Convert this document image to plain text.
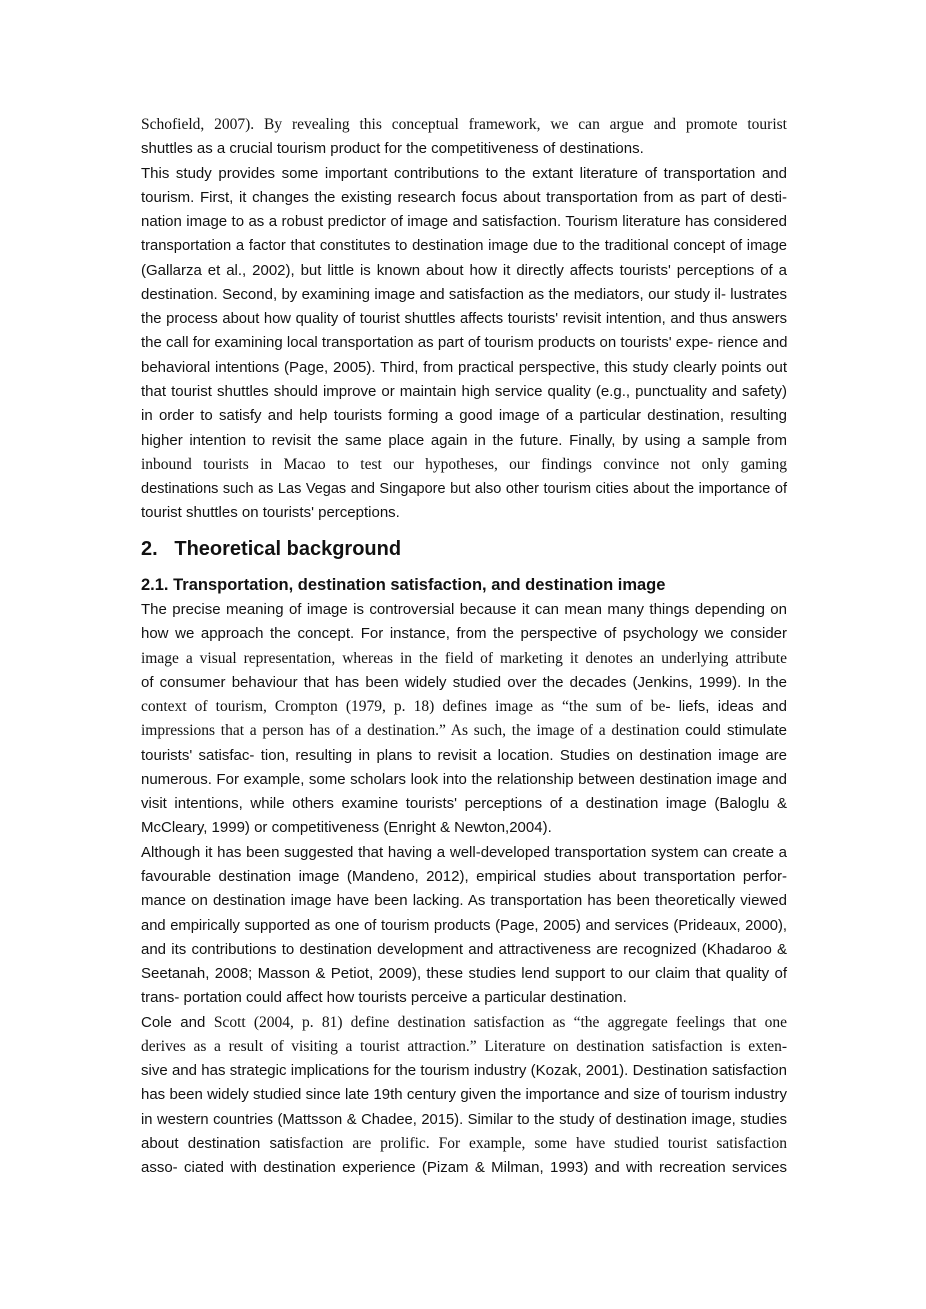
Schofield, 2007). By revealing this conceptual framework, we can argue and promote tourist
shuttles as a crucial tourism product for the competitiveness of destinations.
This study provides some important contributions to the extant literature of transportation and
tourism. First, it changes the existing research focus about transportation from as part of desti-
nation image to as a robust predictor of image and satisfaction. Tourism literature has considered
transportation a factor that constitutes to destination image due to the traditional concept of image
(Gallarza et al., 2002), but little is known about how it directly affects tourists' perceptions of a
destination. Second, by examining image and satisfaction as the mediators, our study il- lustrates
the process about how quality of tourist shuttles affects tourists' revisit intention, and thus answers
the call for examining local transportation as part of tourism products on tourists' expe- rience and
behavioral intentions (Page, 2005). Third, from practical perspective, this study clearly points out
that tourist shuttles should improve or maintain high service quality (e.g., punctuality and safety)
in order to satisfy and help tourists forming a good image of a particular destination, resulting
higher intention to revisit the same place again in the future. Finally, by using a sample from
inbound tourists in Macao to test our hypotheses, our findings convince not only gaming
destinations such as Las Vegas and Singapore but also other tourism cities about the importance of
tourist shuttles on tourists' perceptions.
2. Theoretical background
2.1. Transportation, destination satisfaction, and destination image
The precise meaning of image is controversial because it can mean many things depending on
how we approach the concept. For instance, from the perspective of psychology we consider
image a visual representation, whereas in the field of marketing it denotes an underlying attribute
of consumer behaviour that has been widely studied over the decades (Jenkins, 1999). In the
context of tourism, Crompton (1979, p. 18) defines image as “the sum of be- liefs, ideas and
impressions that a person has of a destination.” As such, the image of a destination could stimulate
tourists' satisfac- tion, resulting in plans to revisit a location. Studies on destination image are
numerous. For example, some scholars look into the relationship between destination image and
visit intentions, while others examine tourists' perceptions of a destination image (Baloglu &
McCleary, 1999) or competitiveness (Enright & Newton,2004).
Although it has been suggested that having a well-developed transportation system can create a
favourable destination image (Mandeno, 2012), empirical studies about transportation perfor-
mance on destination image have been lacking. As transportation has been theoretically viewed
and empirically supported as one of tourism products (Page, 2005) and services (Prideaux, 2000),
and its contributions to destination development and attractiveness are recognized (Khadaroo &
Seetanah, 2008; Masson & Petiot, 2009), these studies lend support to our claim that quality of
trans- portation could affect how tourists perceive a particular destination.
Cole and Scott (2004, p. 81) define destination satisfaction as “the aggregate feelings that one
derives as a result of visiting a tourist attraction.” Literature on destination satisfaction is exten-
sive and has strategic implications for the tourism industry (Kozak, 2001). Destination satisfaction
has been widely studied since late 19th century given the importance and size of tourism industry
in western countries (Mattsson & Chadee, 2015). Similar to the study of destination image, studies
about destination satisfaction are prolific. For example, some have studied tourist satisfaction
asso- ciated with destination experience (Pizam & Milman, 1993) and with recreation services
